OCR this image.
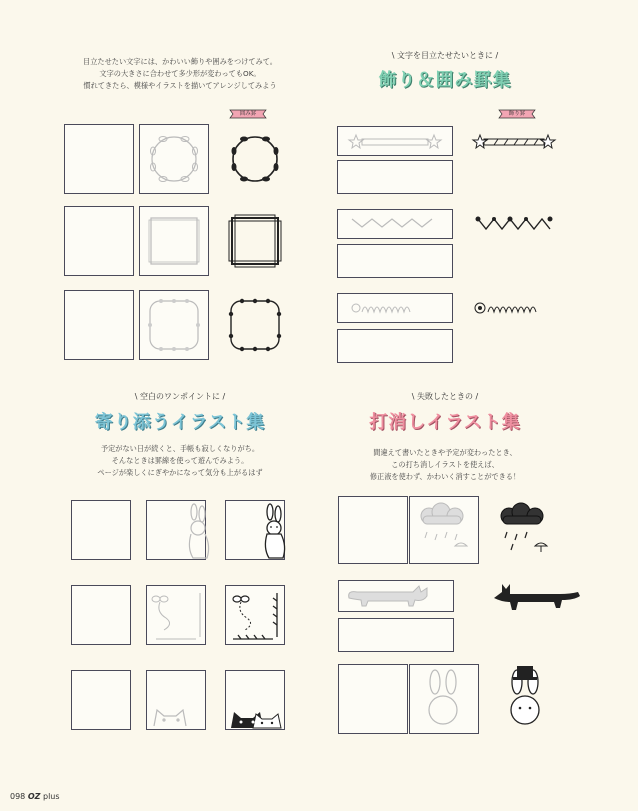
目立たせたい文字には、かわいい飾りや囲みをつけてみて。
文字の大きさに合わせて多少形が変わってもOK。
慣れてきたら、模様やイラストを描いてアレンジしてみよう
\ 文字を目立たせたいときに /
飾り＆囲み罫集
囲み罫	飾り罫
\ 空白のワンポイントに /
寄り添うイラスト集
予定がない日が続くと、手帳も寂しくなりがち。
そんなときは罫線を使って遊んでみよう。
ページが楽しくにぎやかになって気分も上がるはず
\ 失敗したときの /
打消しイラスト集
間違えて書いたときや予定が変わったとき、
この打ち消しイラストを使えば、
修正液を使わず、かわいく消すことができる！
098 OZ plus
